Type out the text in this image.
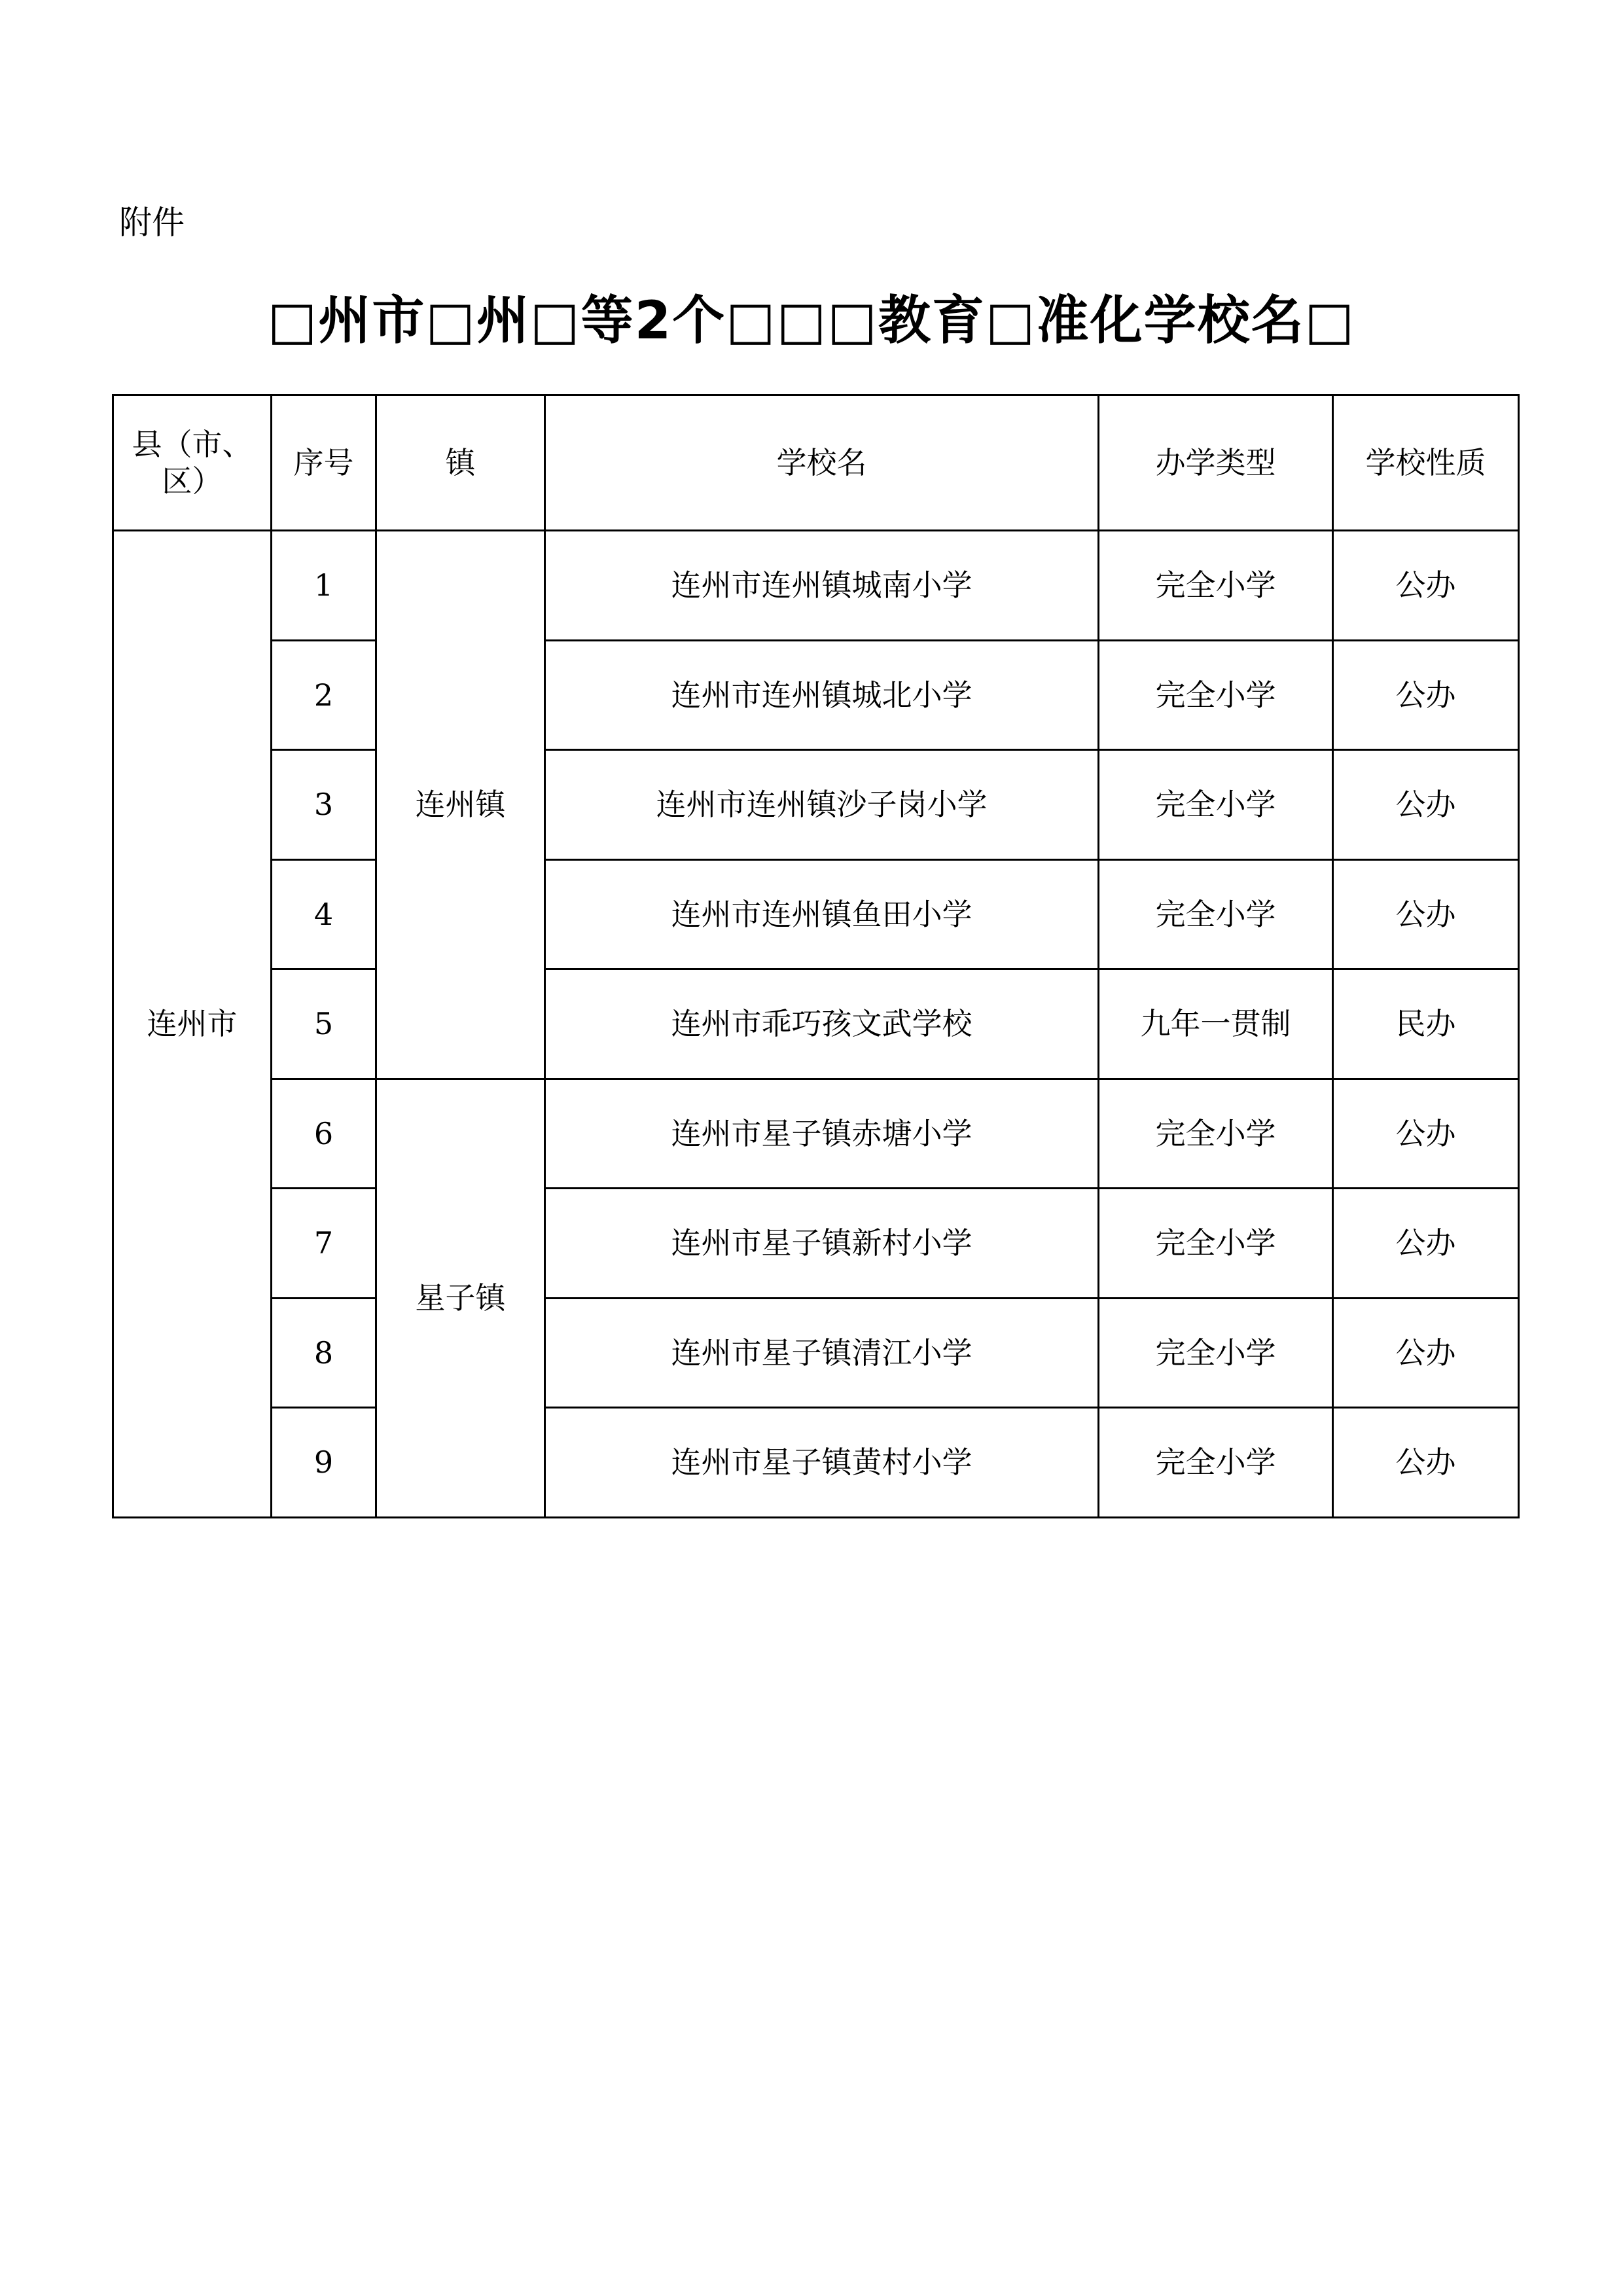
附件
□州市□州□等2个□□□教育□准化学校名□
县（市、区）	序号	镇	学校名	办学类型	学校性质
连州市	1	连州镇	连州市连州镇城南小学	完全小学	公办
	2		连州市连州镇城北小学	完全小学	公办
	3		连州市连州镇沙子岗小学	完全小学	公办
	4		连州市连州镇鱼田小学	完全小学	公办
	5		连州市乖巧孩文武学校	九年一贯制	民办
	6	星子镇	连州市星子镇赤塘小学	完全小学	公办
	7		连州市星子镇新村小学	完全小学	公办
	8		连州市星子镇清江小学	完全小学	公办
	9		连州市星子镇黄村小学	完全小学	公办
